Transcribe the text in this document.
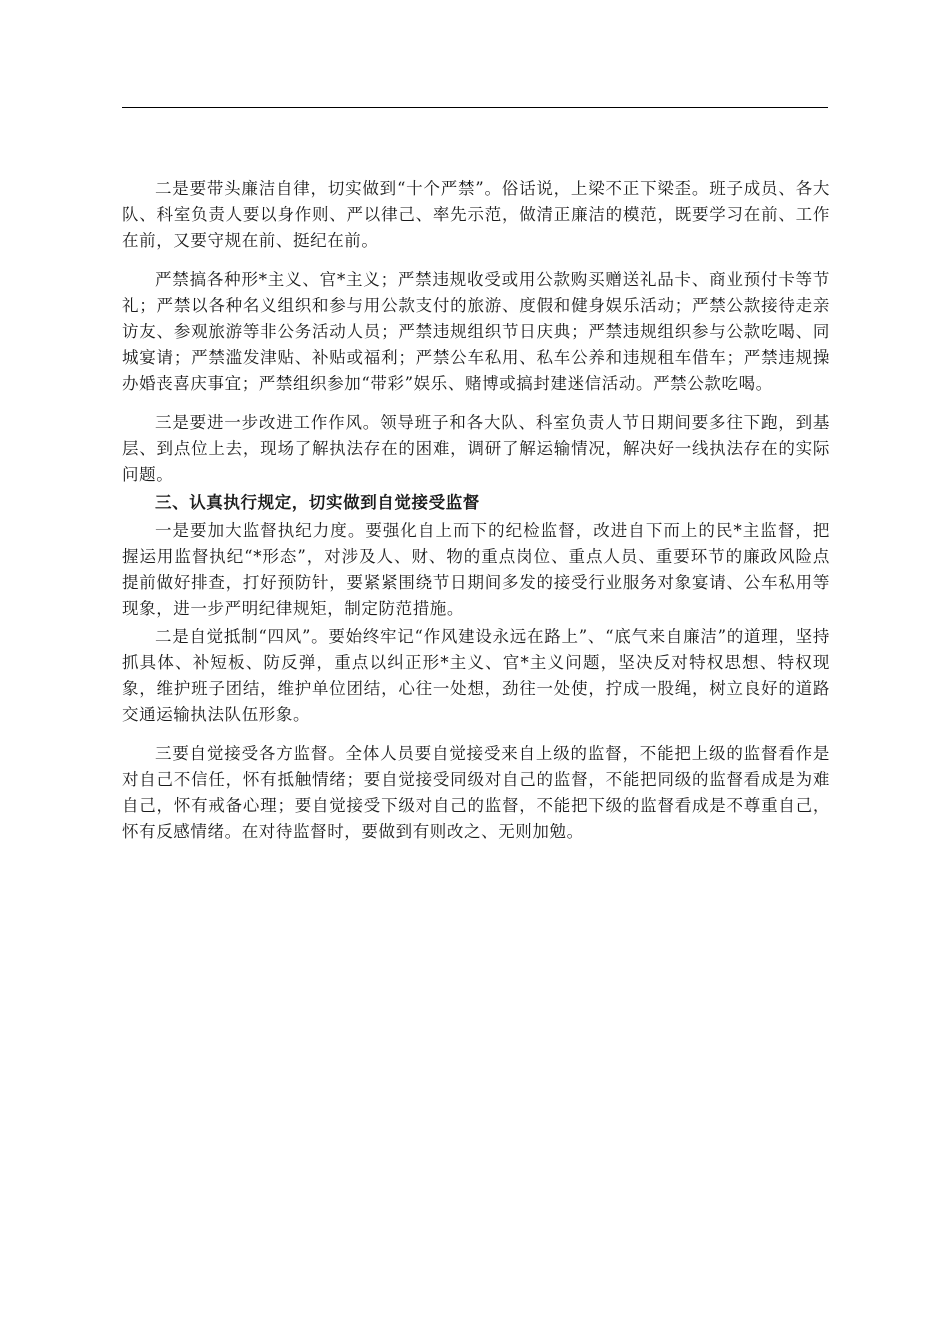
二是要带头廉洁自律，切实做到“十个严禁”。俗话说，上梁不正下梁歪。班子成员、各大队、科室负责人要以身作则、严以律己、率先示范，做清正廉洁的模范，既要学习在前、工作在前，又要守规在前、挺纪在前。

严禁搞各种形*主义、官*主义；严禁违规收受或用公款购买赠送礼品卡、商业预付卡等节礼；严禁以各种名义组织和参与用公款支付的旅游、度假和健身娱乐活动；严禁公款接待走亲访友、参观旅游等非公务活动人员；严禁违规组织节日庆典；严禁违规组织参与公款吃喝、同城宴请；严禁滥发津贴、补贴或福利；严禁公车私用、私车公养和违规租车借车；严禁违规操办婚丧喜庆事宜；严禁组织参加“带彩”娱乐、赌博或搞封建迷信活动。严禁公款吃喝。

三是要进一步改进工作作风。领导班子和各大队、科室负责人节日期间要多往下跑，到基层、到点位上去，现场了解执法存在的困难，调研了解运输情况，解决好一线执法存在的实际问题。

三、认真执行规定，切实做到自觉接受监督

一是要加大监督执纪力度。要强化自上而下的纪检监督，改进自下而上的民*主监督，把握运用监督执纪“*形态”，对涉及人、财、物的重点岗位、重点人员、重要环节的廉政风险点提前做好排查，打好预防针，要紧紧围绕节日期间多发的接受行业服务对象宴请、公车私用等现象，进一步严明纪律规矩，制定防范措施。

二是自觉抵制“四风”。要始终牢记“作风建设永远在路上”、“底气来自廉洁”的道理，坚持抓具体、补短板、防反弹，重点以纠正形*主义、官*主义问题，坚决反对特权思想、特权现象，维护班子团结，维护单位团结，心往一处想，劲往一处使，拧成一股绳，树立良好的道路交通运输执法队伍形象。

三要自觉接受各方监督。全体人员要自觉接受来自上级的监督，不能把上级的监督看作是对自己不信任，怀有抵触情绪；要自觉接受同级对自己的监督，不能把同级的监督看成是为难自己，怀有戒备心理；要自觉接受下级对自己的监督，不能把下级的监督看成是不尊重自己，怀有反感情绪。在对待监督时，要做到有则改之、无则加勉。
